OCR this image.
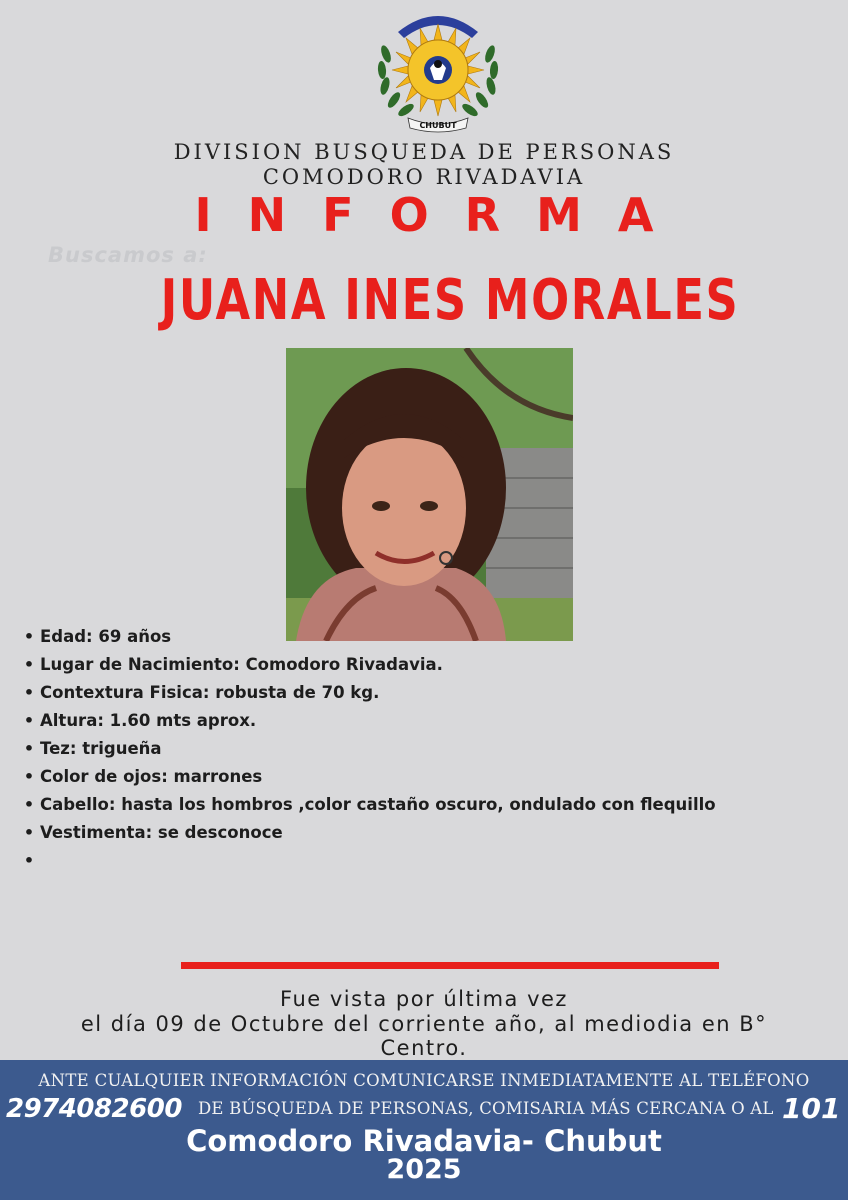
CHUBUT
DIVISION BUSQUEDA DE PERSONAS
COMODORO RIVADAVIA
INFORMA
Buscamos a:
JUANA INES MORALES
• Edad: 69 años
• Lugar de Nacimiento: Comodoro Rivadavia.
• Contextura Fisica: robusta de 70 kg.
• Altura: 1.60 mts aprox.
• Tez: trigueña
• Color de ojos: marrones
• Cabello: hasta los hombros ,color castaño oscuro, ondulado con flequillo
• Vestimenta: se desconoce
•
Fue vista por última vez
el día 09 de Octubre del corriente año, al mediodia en B°
Centro.
ANTE CUALQUIER INFORMACIÓN COMUNICARSE INMEDIATAMENTE AL TELÉFONO
2974082600 DE BÚSQUEDA DE PERSONAS, COMISARIA MÁS CERCANA O AL 101
Comodoro Rivadavia- Chubut
2025
